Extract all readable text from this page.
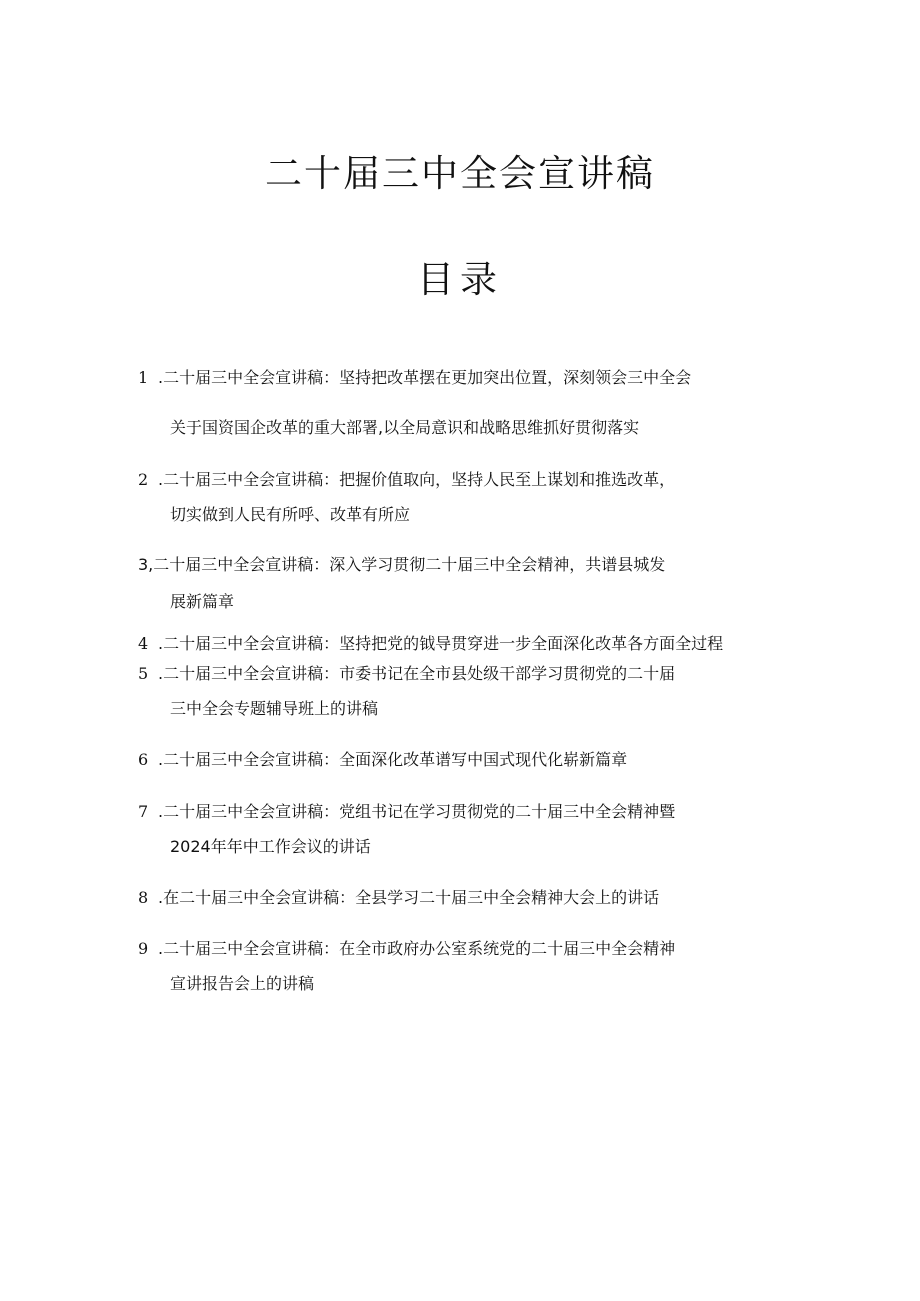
二十届三中全会宣讲稿
目录
1 .二十届三中全会宣讲稿：坚持把改革摆在更加突出位置，深刻领会三中全会
关于国资国企改革的重大部署,以全局意识和战略思维抓好贯彻落实
2 .二十届三中全会宣讲稿：把握价值取向，坚持人民至上谋划和推选改革，
切实做到人民有所呼、改革有所应
3,二十届三中全会宣讲稿：深入学习贯彻二十届三中全会精神，共谱县城发
展新篇章
4 .二十届三中全会宣讲稿：坚持把党的钺导贯穿进一步全面深化改革各方面全过程
5 .二十届三中全会宣讲稿：市委书记在全市县处级干部学习贯彻党的二十届
三中全会专题辅导班上的讲稿
6 .二十届三中全会宣讲稿：全面深化改革谱写中国式现代化崭新篇章
7 .二十届三中全会宣讲稿：党组书记在学习贯彻党的二十届三中全会精神暨
2024年年中工作会议的讲话
8 .在二十届三中全会宣讲稿：全县学习二十届三中全会精神大会上的讲话
9 .二十届三中全会宣讲稿：在全市政府办公室系统党的二十届三中全会精神
宣讲报告会上的讲稿
